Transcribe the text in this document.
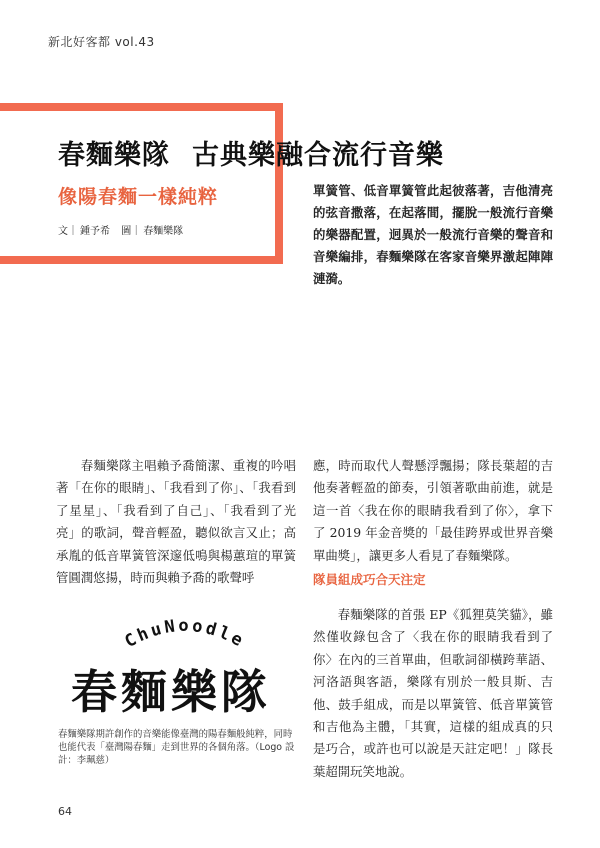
新北好客都 vol.43
春麵樂隊 古典樂融合流行音樂
像陽春麵一樣純粹
文｜ 鍾予希 圖｜ 春麵樂隊
單簧管、低音單簧管此起彼落著，吉他清亮的弦音撒落，在起落間，擺脫一般流行音樂的樂器配置，迥異於一般流行音樂的聲音和音樂編排，春麵樂隊在客家音樂界激起陣陣漣漪。
春麵樂隊主唱賴予喬簡潔、重複的吟唱著「在你的眼睛」、「我看到了你」、「我看到了星星」、「我看到了自己」、「我看到了光亮」的歌詞，聲音輕盈，聽似欲言又止；高承胤的低音單簧管深邃低鳴與楊蕙瑄的單簧管圓潤悠揚，時而與賴予喬的歌聲呼
應，時而取代人聲懸浮飄揚；隊長葉超的吉他奏著輕盈的節奏，引領著歌曲前進，就是這一首〈我在你的眼睛我看到了你〉，拿下了 2019 年金音獎的「最佳跨界或世界音樂單曲獎」，讓更多人看見了春麵樂隊。
隊員組成巧合天注定
春麵樂隊的首張 EP《狐狸莫笑貓》，雖然僅收錄包含了〈我在你的眼睛我看到了你〉在內的三首單曲，但歌詞卻橫跨華語、河洛語與客語，樂隊有別於一般貝斯、吉他、鼓手組成，而是以單簧管、低音單簧管和吉他為主體，「其實，這樣的組成真的只是巧合，或許也可以說是天註定吧！」隊長葉超開玩笑地說。
ChuNoodle
春麵樂隊
春麵樂隊期許創作的音樂能像臺灣的陽春麵般純粹，同時也能代表「臺灣陽春麵」走到世界的各個角落。（Logo 設計：李珮慈）
64
